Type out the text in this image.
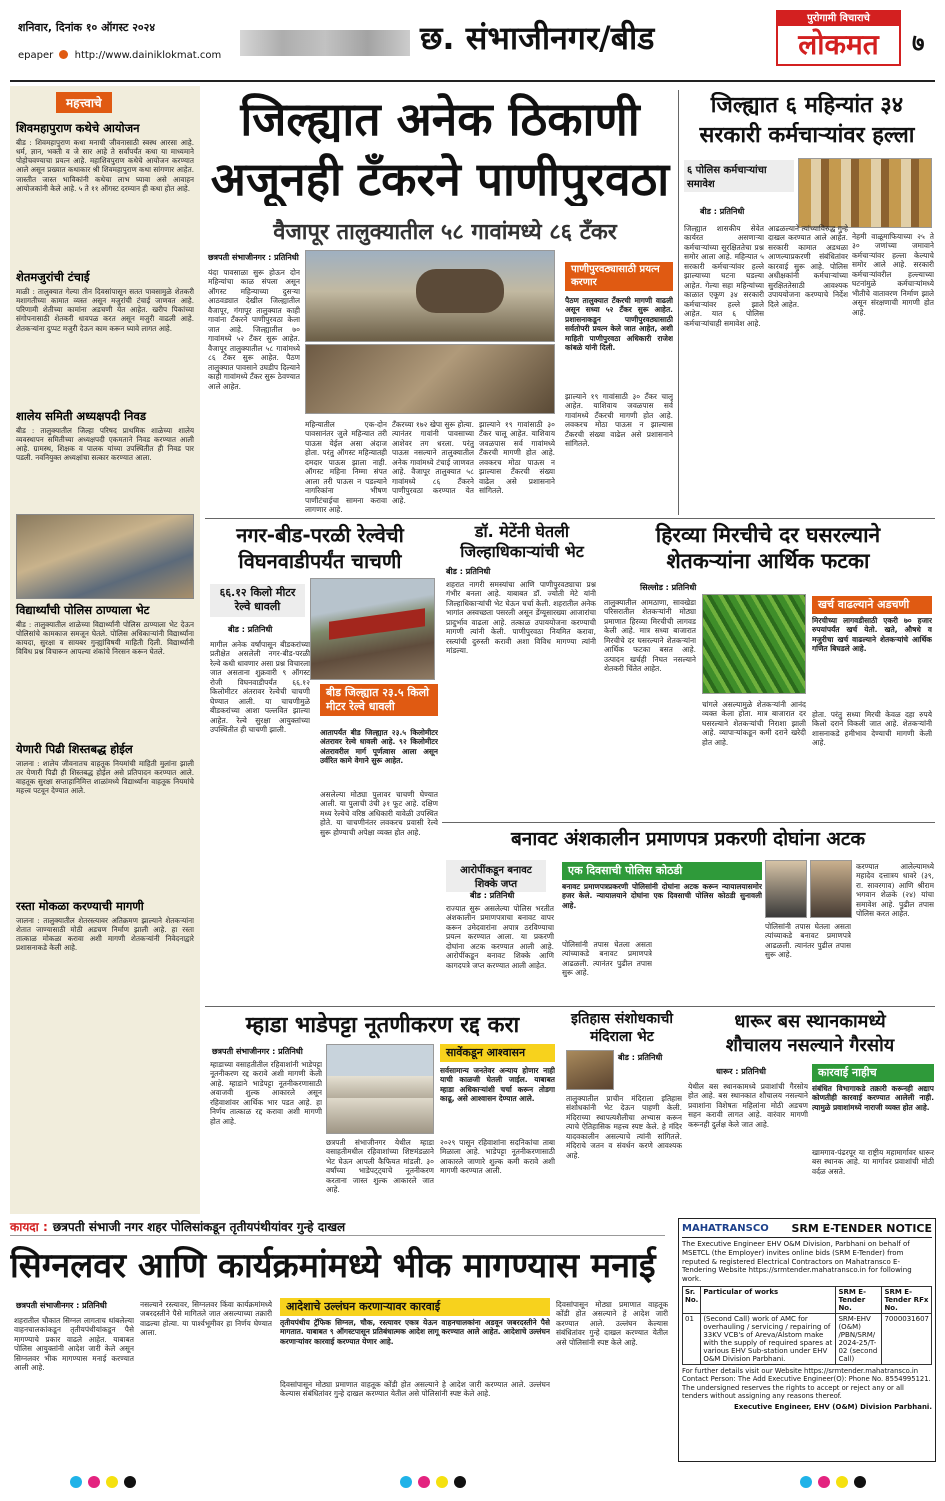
शनिवार, दिनांक १० ऑगस्ट २०२४
epaper http://www.dainiklokmat.com	छ. संभाजीनगर/बीड
पुरोगामी विचाराचे
लोकमत	७
महत्त्वाचे
शिवमहापुराण कथेचे आयोजन
बीड : शिवमहापुराण कथा मनाची जीवनासाठी स्वस्थ आरसा आहे. धर्म, ज्ञान, भक्ती व जे सार आहे ते सर्वांपर्यंत कथा या माध्यमाने पोहोचवण्याचा प्रयत्न आहे. महाशिवपुराण कथेचे आयोजन करण्यात आले असून प्रख्यात कथाकार श्री शिवमहापुराण कथा सांगणार आहेत. जास्तीत जास्त भाविकांनी कथेचा लाभ घ्यावा असे आवाहन आयोजकांनी केले आहे. ५ ते ११ ऑगस्ट दरम्यान ही कथा होत आहे.
शेतमजुरांची टंचाई
माळी : तालुक्यात गेल्या तीन दिवसांपासून सतत पावसामुळे शेतकरी मशागतीच्या कामात व्यस्त असून मजुरांची टंचाई जाणवत आहे. परिणामी शेतीच्या कामांना अडचणी येत आहेत. खरीप पिकांच्या संगोपनासाठी शेतकरी धावपळ करत असून मजुरी वाढली आहे. शेतकऱ्यांना दुप्पट मजुरी देऊन काम करून घ्यावे लागत आहे.
शालेय समिती अध्यक्षपदी निवड
बीड : तालुक्यातील जिल्हा परिषद प्राथमिक शाळेच्या शालेय व्यवस्थापन समितीच्या अध्यक्षपदी एकमताने निवड करण्यात आली आहे. ग्रामस्थ, शिक्षक व पालक यांच्या उपस्थितीत ही निवड पार पडली. नवनियुक्त अध्यक्षांचा सत्कार करण्यात आला.
विद्यार्थ्यांची पोलिस ठाण्याला भेट
बीड : तालुक्यातील शाळेच्या विद्यार्थ्यांनी पोलिस ठाण्याला भेट देऊन पोलिसांचे कामकाज समजून घेतले. पोलिस अधिकाऱ्यांनी विद्यार्थ्यांना कायदा, सुरक्षा व सायबर गुन्ह्यांविषयी माहिती दिली. विद्यार्थ्यांनी विविध प्रश्न विचारून आपल्या शंकांचे निरसन करून घेतले.
येणारी पिढी शिस्तबद्ध होईल
जालना : शालेय जीवनातच वाहतूक नियमांची माहिती मुलांना झाली तर येणारी पिढी ही शिस्तबद्ध होईल असे प्रतिपादन करण्यात आले. वाहतूक सुरक्षा सप्ताहानिमित्त शाळांमध्ये विद्यार्थ्यांना वाहतूक नियमांचे महत्त्व पटवून देण्यात आले.
रस्ता मोकळा करण्याची मागणी
जालना : तालुक्यातील शेतरस्त्यावर अतिक्रमण झाल्याने शेतकऱ्यांना शेतात जाण्यासाठी मोठी अडचण निर्माण झाली आहे. हा रस्ता तात्काळ मोकळा करावा अशी मागणी शेतकऱ्यांनी निवेदनाद्वारे प्रशासनाकडे केली आहे.
जिल्ह्यात अनेक ठिकाणी
अजूनही टँकरने पाणीपुरवठा
वैजापूर तालुक्यातील ५८ गावांमध्ये ८६ टँकर
छत्रपती संभाजीनगर : प्रतिनिधी
यंदा पावसाळा सुरू होऊन दोन महिन्यांचा काळ संपला असून ऑगस्ट महिन्याच्या दुसऱ्या आठवड्यात देखील जिल्ह्यातील वैजापूर, गंगापूर तालुक्यात काही गावांना टँकरने पाणीपुरवठा केला जात आहे. जिल्ह्यातील ७० गावांमध्ये ५२ टँकर सुरू आहेत. वैजापूर तालुक्यातील ५८ गावांमध्ये ८६ टँकर सुरू आहेत. पैठण तालुक्यात पावसाने उघडीप दिल्याने काही गावांमध्ये टँकर सुरू ठेवण्यात आले आहेत.
महिन्यातील एक-दोन पावसानंतर जुले महिन्यात तरी पाऊस येईल असा अंदाज होता. परंतु ऑगस्ट महिन्यातही दमदार पाऊस झाला नाही. ऑगस्ट महिना निम्मा संपत आला तरी पाऊस न पडल्याने नागरिकांना भीषण पाणीटंचाईचा सामना करावा लागणार आहे.
टँकरच्या १७२ खेपा सुरू होत्या. त्यानंतर गावांनी पावसाच्या आशेवर तग धरला. परंतु पाऊस नसल्याने तालुक्यातील अनेक गावांमध्ये टंचाई जाणवत आहे. वैजापूर तालुक्यात ५८ गावांमध्ये ८६ टँकरने पाणीपुरवठा करण्यात येत आहे.
झाल्याने १९ गावांसाठी ३० टँकर चालू आहेत. याशिवाय जवळपास सर्व गावांमध्ये टँकरची मागणी होत आहे. लवकरच मोठा पाऊस न झाल्यास टँकरची संख्या वाढेल असे प्रशासनाने सांगितले.
पाणीपुरवठ्यासाठी प्रयत्न करणार
पैठण तालुक्यात टँकरची मागणी वाढली असून सध्या ५२ टँकर सुरू आहेत. प्रशासनाकडून पाणीपुरवठ्यासाठी सर्वतोपरी प्रयत्न केले जात आहेत, अशी माहिती पाणीपुरवठा अधिकारी राजेश कांबळे यांनी दिली.
झाल्याने १९ गावांसाठी ३० टँकर चालू आहेत. याशिवाय जवळपास सर्व गावांमध्ये टँकरची मागणी होत आहे. लवकरच मोठा पाऊस न झाल्यास टँकरची संख्या वाढेल असे प्रशासनाने सांगितले.
जिल्ह्यात ६ महिन्यांत ३४
सरकारी कर्मचाऱ्यांवर हल्ला
६ पोलिस कर्मचाऱ्यांचा समावेश
बीड : प्रतिनिधी
जिल्ह्यात शासकीय सेवेत कार्यरत असणाऱ्या कर्मचाऱ्यांच्या सुरक्षिततेचा प्रश्न समोर आला आहे. महिन्यात ५ सरकारी कर्मचाऱ्यांवर हल्ले झाल्याच्या घटना घडल्या आहेत. गेल्या सहा महिन्यांच्या काळात एकूण ३४ सरकारी कर्मचाऱ्यांवर हल्ले झाले आहेत. यात ६ पोलिस कर्मचाऱ्यांचाही समावेश आहे.
आढळल्याने त्यांच्याविरुद्ध गुन्हे दाखल करण्यात आले आहेत. सरकारी कामात अडथळा आणल्याप्रकरणी संबंधितांवर कारवाई सुरू आहे. पोलिस अधीक्षकांनी कर्मचाऱ्यांच्या सुरक्षिततेसाठी आवश्यक उपाययोजना करण्याचे निर्देश दिले आहेत.
नेहमी वाळूमाफियाच्या २५ ते ३० जणांच्या जमावाने कर्मचाऱ्यांवर हल्ला केल्याचे समोर आले आहे. सरकारी कर्मचाऱ्यांवरील हल्ल्याच्या घटनांमुळे कर्मचाऱ्यांमध्ये भीतीचे वातावरण निर्माण झाले असून संरक्षणाची मागणी होत आहे.
नगर-बीड-परळी रेल्वेची
विघनवाडीपर्यंत चाचणी
६६.१२ किलो मीटर रेल्वे धावली
बीड : प्रतिनिधी
मागील अनेक वर्षांपासून बीडकरांच्या प्रतीक्षेत असलेली नगर-बीड-परळी रेल्वे कधी धावणार असा प्रश्न विचारला जात असताना शुक्रवारी ९ ऑगस्ट रोजी विघनवाडीपर्यंत ६६.१२ किलोमीटर अंतरावर रेल्वेची चाचणी घेण्यात आली. या चाचणीमुळे बीडकरांच्या आशा पल्लवित झाल्या आहेत. रेल्वे सुरक्षा आयुक्तांच्या उपस्थितीत ही चाचणी झाली.
बीड जिल्ह्यात २३.५ किलो मीटर रेल्वे धावली
आतापर्यंत बीड जिल्ह्यात २३.५ किलोमीटर अंतरावर रेल्वे धावली आहे. ९२ किलोमीटर अंतरावरील मार्ग पूर्णत्वास आला असून उर्वरित कामे वेगाने सुरू आहेत.
असलेल्या मोठ्या पुलावर चाचणी घेण्यात आली. या पुलाची उंची ३१ फूट आहे. दक्षिण मध्य रेल्वेचे वरिष्ठ अधिकारी यावेळी उपस्थित होते. या चाचणीनंतर लवकरच प्रवासी रेल्वे सुरू होण्याची अपेक्षा व्यक्त होत आहे.
डॉ. मेटेंनी घेतली
जिल्हाधिकाऱ्यांची भेट
बीड : प्रतिनिधी
शहरात नागरी समस्यांचा आणि पाणीपुरवठ्याचा प्रश्न गंभीर बनला आहे. याबाबत डॉ. ज्योती मेटे यांनी जिल्हाधिकाऱ्यांची भेट घेऊन चर्चा केली. शहरातील अनेक भागांत अस्वच्छता पसरली असून डेंग्यूसारख्या आजारांचा प्रादुर्भाव वाढला आहे. तत्काळ उपाययोजना करण्याची मागणी त्यांनी केली. पाणीपुरवठा नियमित करावा, रस्त्यांची दुरुस्ती करावी अशा विविध मागण्या त्यांनी मांडल्या.
हिरव्या मिरचीचे दर घसरल्याने
शेतकऱ्यांना आर्थिक फटका
सिल्लोड : प्रतिनिधी
तालुक्यातील आमठाणा, सावखेडा परिसरातील शेतकऱ्यांनी मोठ्या प्रमाणात हिरव्या मिरचीची लागवड केली आहे. मात्र सध्या बाजारात मिरचीचे दर घसरल्याने शेतकऱ्यांना आर्थिक फटका बसत आहे. उत्पादन खर्चही निघत नसल्याने शेतकरी चिंतेत आहेत.
चांगले असल्यामुळे शेतकऱ्यांनी आनंद व्यक्त केला होता. मात्र बाजारात दर घसरल्याने शेतकऱ्यांची निराशा झाली आहे. व्यापाऱ्यांकडून कमी दराने खरेदी होत आहे.
खर्च वाढल्याने अडचणी
मिरचीच्या लागवडीसाठी एकरी ७० हजार रुपयांपर्यंत खर्च येतो. खते, औषधे व मजुरीचा खर्च वाढल्याने शेतकऱ्यांचे आर्थिक गणित बिघडले आहे.
होता. परंतु सध्या मिरची केवळ दहा रुपये किलो दराने विकली जात आहे. शेतकऱ्यांनी शासनाकडे हमीभाव देण्याची मागणी केली आहे.
बनावट अंशकालीन प्रमाणपत्र प्रकरणी दोघांना अटक
आरोपींकडून बनावट शिक्के जप्त
बीड : प्रतिनिधी
राज्यात सुरू असलेल्या पोलिस भरतीत अंशकालीन प्रमाणपत्राचा बनावट वापर करून उमेदवारांना अपात्र ठरविण्याचा प्रयत्न करण्यात आला. या प्रकरणी दोघांना अटक करण्यात आली आहे. आरोपींकडून बनावट शिक्के आणि कागदपत्रे जप्त करण्यात आली आहेत.
एक दिवसाची पोलिस कोठडी
बनावट प्रमाणपत्रप्रकरणी पोलिसांनी दोघांना अटक करून न्यायालयासमोर हजर केले. न्यायालयाने दोघांना एक दिवसाची पोलिस कोठडी सुनावली आहे.
पोलिसांनी तपास घेतला असता त्यांच्याकडे बनावट प्रमाणपत्रे आढळली. त्यानंतर पुढील तपास सुरू आहे.
करण्यात आलेल्यामध्ये महादेव दत्तात्रय धावरे (३९, रा. सावरगाव) आणि श्रीराम भगवान शेळके (२४) यांचा समावेश आहे. पुढील तपास पोलिस करत आहेत.
पोलिसांनी तपास घेतला असता त्यांच्याकडे बनावट प्रमाणपत्रे आढळली. त्यानंतर पुढील तपास सुरू आहे.
म्हाडा भाडेपट्टा नूतणीकरण रद्द करा
छत्रपती संभाजीनगर : प्रतिनिधी
म्हाडाच्या वसाहतीतील रहिवाशांनी भाडेपट्टा नूतनीकरण रद्द करावे अशी मागणी केली आहे. म्हाडाने भाडेपट्टा नूतनीकरणासाठी अवाजवी शुल्क आकारले असून रहिवाशांवर आर्थिक भार पडत आहे. हा निर्णय तात्काळ रद्द करावा अशी मागणी होत आहे.
सावेंकडून आश्वासन
सर्वसामान्य जनतेवर अन्याय होणार नाही याची काळजी घेतली जाईल. याबाबत म्हाडा अधिकाऱ्यांशी चर्चा करून तोडगा काढू, असे आश्वासन देण्यात आले.
छत्रपती संभाजीनगर येथील म्हाडा वसाहतीमधील रहिवाशांच्या शिष्टमंडळाने भेट घेऊन आपली कैफियत मांडली. ३० वर्षांच्या भाडेपट्ट्याचे नूतनीकरण करताना जास्त शुल्क आकारले जात आहे.
२०२९ पासून रहिवाशांना सदनिकांचा ताबा मिळाला आहे. भाडेपट्टा नूतनीकरणासाठी आकारले जाणारे शुल्क कमी करावे अशी मागणी करण्यात आली.
इतिहास संशोधकाची
मंदिराला भेट
बीड : प्रतिनिधी
तालुक्यातील प्राचीन मंदिराला इतिहास संशोधकांनी भेट देऊन पाहणी केली. मंदिराच्या स्थापत्यशैलीचा अभ्यास करून त्याचे ऐतिहासिक महत्त्व स्पष्ट केले. हे मंदिर यादवकालीन असल्याचे त्यांनी सांगितले. मंदिराचे जतन व संवर्धन करणे आवश्यक आहे.
धारूर बस स्थानकामध्ये
शौचालय नसल्याने गैरसोय
धारूर : प्रतिनिधी
येथील बस स्थानकामध्ये प्रवाशांची गैरसोय होत आहे. बस स्थानकात शौचालय नसल्याने प्रवाशांना विशेषतः महिलांना मोठी अडचण सहन करावी लागत आहे. वारंवार मागणी करूनही दुर्लक्ष केले जात आहे.
कारवाई नाहीच
संबंधित विभागाकडे तक्रारी करूनही अद्याप कोणतीही कारवाई करण्यात आलेली नाही. त्यामुळे प्रवाशांमध्ये नाराजी व्यक्त होत आहे.
खामगाव-पंढरपूर या राष्ट्रीय महामार्गावर धारूर बस स्थानक आहे. या मार्गावर प्रवाशांची मोठी वर्दळ असते.
कायदा : छत्रपती संभाजी नगर शहर पोलिसांकडून तृतीयपंथीयांवर गुन्हे दाखल
सिग्नलवर आणि कार्यक्रमांमध्ये भीक मागण्यास मनाई
छत्रपती संभाजीनगर : प्रतिनिधी
शहरातील चौकात सिग्नल लागताच थांबलेल्या वाहनचालकांकडून तृतीयपंथीयांकडून पैसे मागण्याचे प्रकार वाढले आहेत. याबाबत पोलिस आयुक्तांनी आदेश जारी केले असून सिग्नलवर भीक मागण्यास मनाई करण्यात आली आहे.
नसल्याने रस्त्यावर, सिग्नलवर किंवा कार्यक्रमांमध्ये जबरदस्तीने पैसे मागितले जात असल्याच्या तक्रारी वाढल्या होत्या. या पार्श्वभूमीवर हा निर्णय घेण्यात आला.
आदेशाचे उल्लंघन करणाऱ्यावर कारवाई
तृतीयपंथीय ट्रॅफिक सिग्नल, चौक, रस्त्यावर एकत्र येऊन वाहनचालकांना अडवून जबरदस्तीने पैसे मागतात. याबाबत ९ ऑगस्टपासून प्रतिबंधात्मक आदेश लागू करण्यात आले आहेत. आदेशाचे उल्लंघन करणाऱ्यांवर कारवाई करण्यात येणार आहे.
दिवसांपासून मोठ्या प्रमाणात वाहतूक कोंडी होत असल्याने हे आदेश जारी करण्यात आले. उल्लंघन केल्यास संबंधितांवर गुन्हे दाखल करण्यात येतील असे पोलिसांनी स्पष्ट केले आहे.
दिवसांपासून मोठ्या प्रमाणात वाहतूक कोंडी होत असल्याने हे आदेश जारी करण्यात आले. उल्लंघन केल्यास संबंधितांवर गुन्हे दाखल करण्यात येतील असे पोलिसांनी स्पष्ट केले आहे.
MAHATRANSCO SRM E-TENDER NOTICE
The Executive Engineer EHV O&M Division, Parbhani on behalf of MSETCL (the Employer) invites online bids (SRM E-Tender) from reputed & registered Electrical Contractors on Mahatransco E-Tendering Website https://srmtender.mahatransco.in for following work.
Sr. No.	Particular of works	SRM E-Tender No.	SRM E-Tender RFx No.
01	(Second Call) work of AMC for overhauling / servicing / repairing of 33KV VCB's of Areva/Alstom make with the supply of required spares at various EHV Sub-station under EHV O&M Division Parbhani.	SRM-EHV (O&M) /PBN/SRM/ 2024-25/T-02 (second Call)	7000031607
For further details visit our Website https://srmtender.mahatransco.in Contact Person: The Add Executive Engineer(O): Phone No. 8554995121. The undersigned reserves the rights to accept or reject any or all tenders without assigning any reasons thereof.
Executive Engineer, EHV (O&M) Division Parbhani.
